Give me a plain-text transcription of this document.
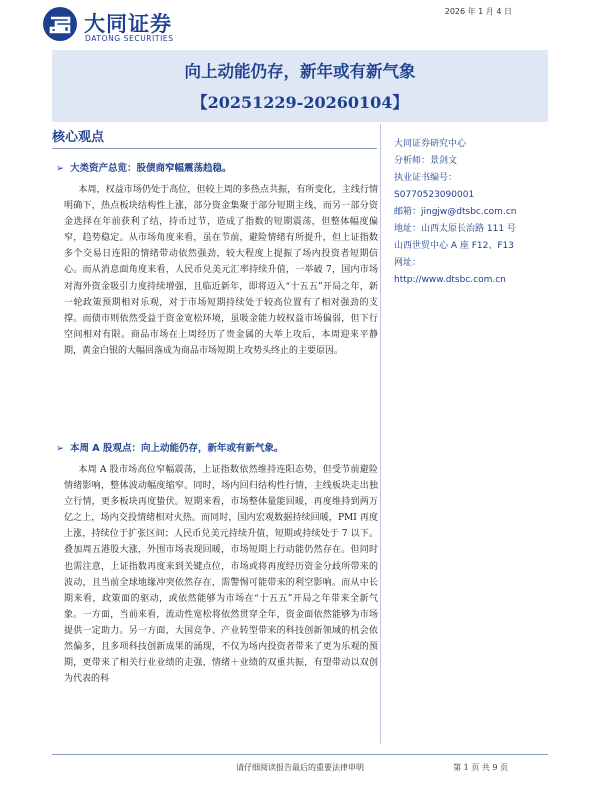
大同证券
DATONG SECURITIES
2026 年 1 月 4 日
向上动能仍存，新年或有新气象
【20251229-20260104】
核心观点
➢ 大类资产总览：股债商窄幅震荡趋稳。
本周，权益市场仍处于高位，但较上周的多热点共振，有所变化，主线行情明确下，热点板块结构性上涨，部分资金集聚于部分短期主线，而另一部分资金选择在年前获利了结，持币过节，造成了指数的短期震荡，但整体幅度偏窄，趋势稳定。从市场角度来看，虽在节前，避险情绪有所提升，但上证指数多个交易日连阳的情绪带动依然强劲，较大程度上提振了场内投资者短期信心。而从消息面角度来看，人民币兑美元汇率持续升值，一举破 7，国内市场对海外资金吸引力度持续增强，且临近新年，即将迈入“十五五”开局之年，新一轮政策预期相对乐观，对于市场短期持续处于较高位置有了相对强劲的支撑。而债市则依然受益于资金宽松环境，虽吸金能力较权益市场偏弱，但下行空间相对有限。商品市场在上周经历了贵金属的大举上攻后，本周迎来平静期，黄金白银的大幅回落成为商品市场短期上攻势头终止的主要原因。
➢ 本周 A 股观点：向上动能仍存，新年或有新气象。
本周 A 股市场高位窄幅震荡，上证指数依然维持连阳态势，但受节前避险情绪影响，整体波动幅度缩窄。同时，场内回归结构性行情，主线板块走出独立行情，更多板块再度蛰伏。短期来看，市场整体量能回暖，再度维持到两万亿之上，场内交投情绪相对火热。而同时，国内宏观数据持续回暖，PMI 再度上涨，持续位于扩张区间；人民币兑美元持续升值，短期或持续处于 7 以下。叠加周五港股大涨，外围市场表现回暖，市场短期上行动能仍然存在。但同时也需注意，上证指数再度来到关键点位，市场或将再度经历资金分歧所带来的波动，且当前全球地缘冲突依然存在，需警惕可能带来的利空影响。而从中长期来看，政策面的驱动，或依然能够为市场在“十五五”开局之年带来全新气象。一方面，当前来看，流动性宽松将依然贯穿全年，资金面依然能够为市场提供一定助力。另一方面，大国竞争、产业转型带来的科技创新领域的机会依然偏多，且多项科技创新成果的涌现，不仅为场内投资者带来了更为乐观的预期，更带来了相关行业业绩的走强，情绪＋业绩的双重共振，有望带动以双创为代表的科
大同证券研究中心
分析师：景剑文
执业证书编号：
S0770523090001
邮箱：jingjw@dtsbc.com.cn
地址：山西太原长治路 111 号
山西世贸中心 A 座 F12、F13
网址：
http://www.dtsbc.com.cn
请仔细阅读报告最后的重要法律申明	第 1 页 共 9 页
